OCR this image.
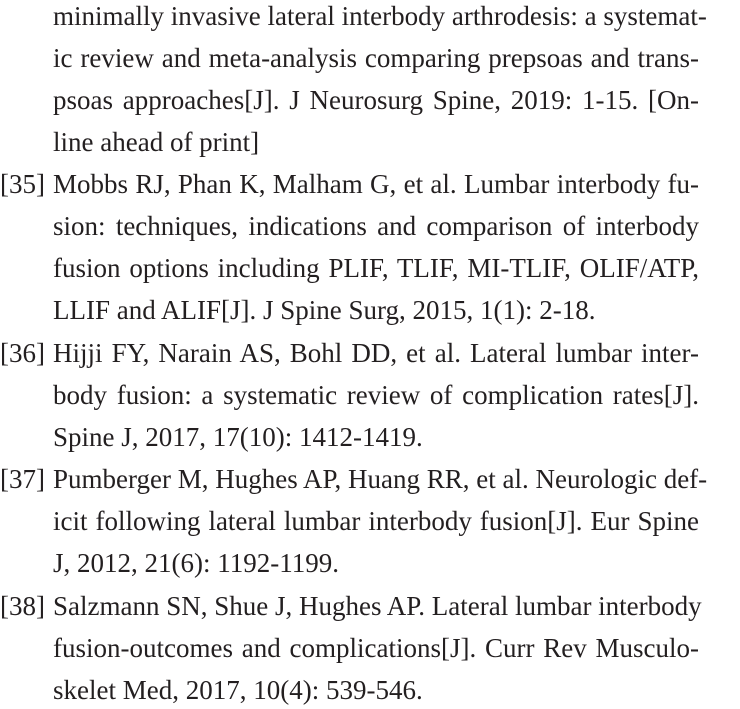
minimally invasive lateral interbody arthrodesis: a systemat-
ic review and meta-analysis comparing prepsoas and trans-
psoas approaches[J]. J Neurosurg Spine, 2019: 1-15. [On-
line ahead of print]
[35] Mobbs RJ, Phan K, Malham G, et al. Lumbar interbody fu-
sion: techniques, indications and comparison of interbody
fusion options including PLIF, TLIF, MI-TLIF, OLIF/ATP,
LLIF and ALIF[J]. J Spine Surg, 2015, 1(1): 2-18.
[36] Hijji FY, Narain AS, Bohl DD, et al. Lateral lumbar inter-
body fusion: a systematic review of complication rates[J].
Spine J, 2017, 17(10): 1412-1419.
[37] Pumberger M, Hughes AP, Huang RR, et al. Neurologic def-
icit following lateral lumbar interbody fusion[J]. Eur Spine
J, 2012, 21(6): 1192-1199.
[38] Salzmann SN, Shue J, Hughes AP. Lateral lumbar interbody
fusion-outcomes and complications[J]. Curr Rev Musculo-
skelet Med, 2017, 10(4): 539-546.
